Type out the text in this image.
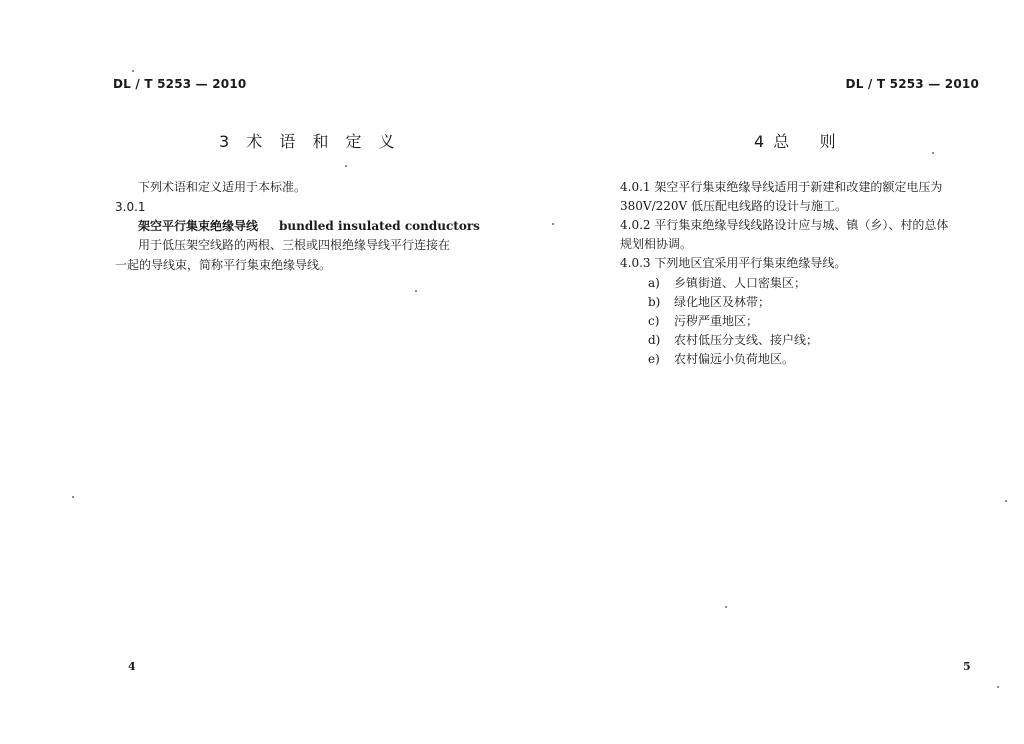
DL / T 5253 — 2010
3 术 语 和 定 义
下列术语和定义适用于本标准。
3.0.1
架空平行集束绝缘导线 bundled insulated conductors
用于低压架空线路的两根、三根或四根绝缘导线平行连接在
一起的导线束，简称平行集束绝缘导线。
4
DL / T 5253 — 2010
4 总    则
4.0.1 架空平行集束绝缘导线适用于新建和改建的额定电压为
380V/220V 低压配电线路的设计与施工。
4.0.2 平行集束绝缘导线线路设计应与城、镇（乡）、村的总体
规划相协调。
4.0.3 下列地区宜采用平行集束绝缘导线。
a) 乡镇街道、人口密集区；
b) 绿化地区及林带；
c) 污秽严重地区；
d) 农村低压分支线、接户线；
e) 农村偏远小负荷地区。
5
